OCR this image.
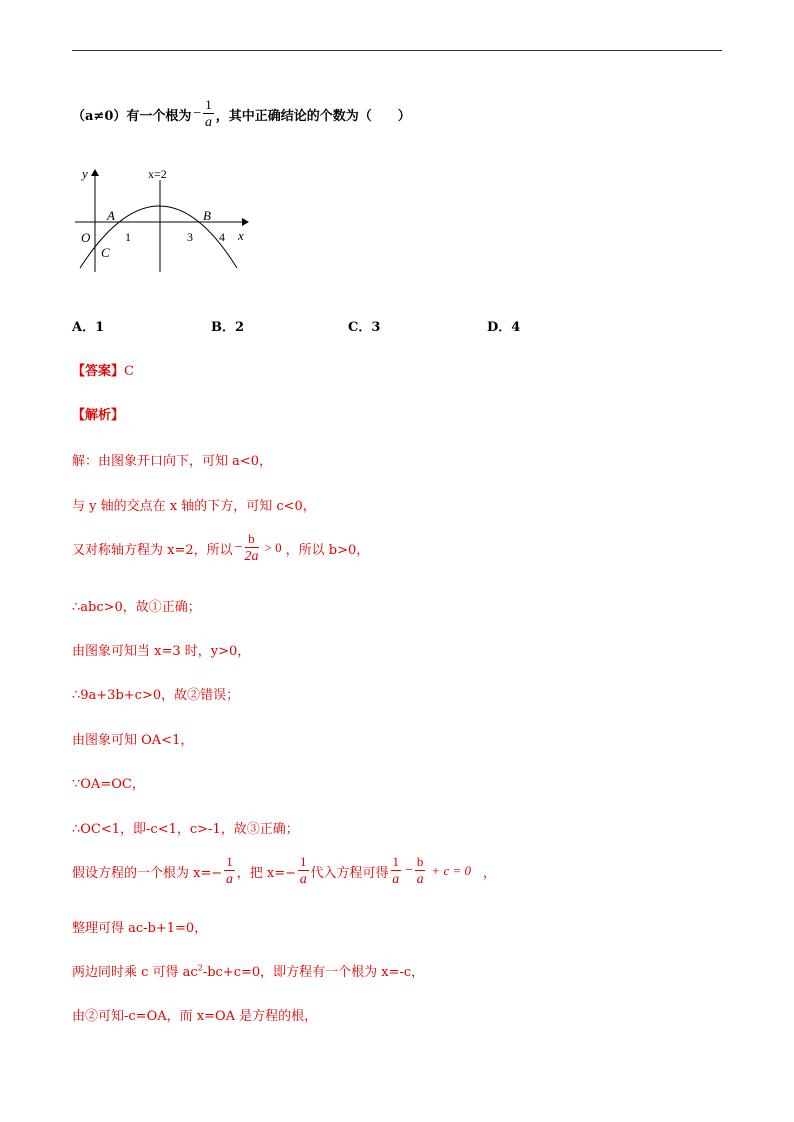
（a≠0）有一个根为 − $\frac{1}{a}$ ，其中正确结论的个数为（　　）
y	x=2
A	B
O
C
1	3 4 x
A．1	B．2	C．3	D．4
【答案】C
【解析】
解：由图象开口向下，可知 a<0，
与 y 轴的交点在 x 轴的下方，可知 c<0，
又对称轴方程为 x=2，所以 − $\frac{b}{2a} > 0$ ，所以 b>0，
∴abc>0，故①正确；
由图象可知当 x=3 时，y>0，
∴9a+3b+c>0，故②错误；
由图象可知 OA<1，
∵OA=OC，
∴OC<1，即-c<1，c>-1，故③正确；
假设方程的一个根为 $x=- \frac{1}{a}$ ，把 $x=- \frac{1}{a}$ 代入方程可得 $\frac{1}{a} - \frac{b}{a} + c = 0$ ，
整理可得 ac-b+1=0，
两边同时乘 c 可得 $ac^2-bc+c=0$，即方程有一个根为 x=-c，
由②可知-c=OA，而 x=OA 是方程的根，
